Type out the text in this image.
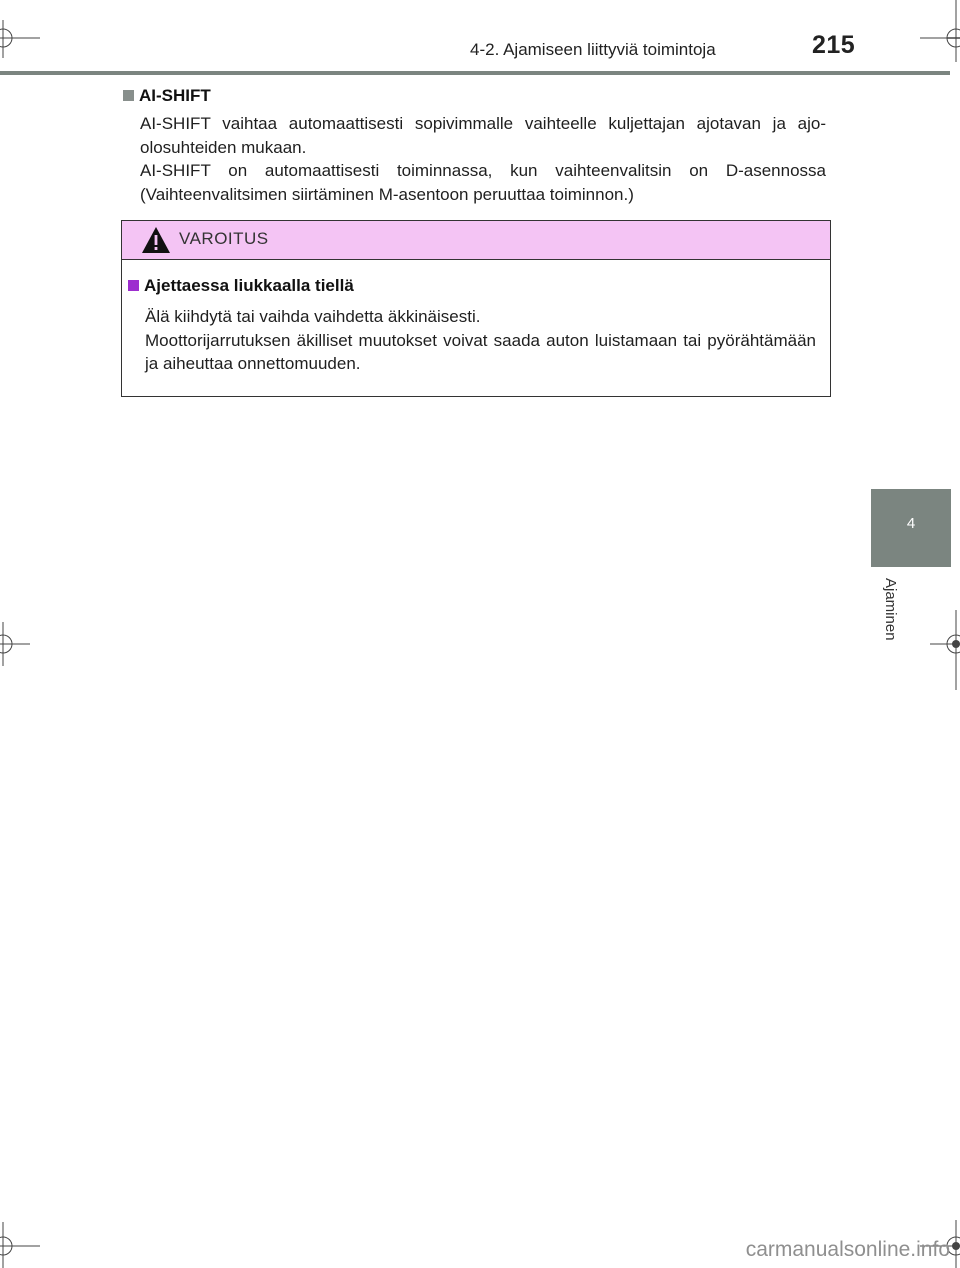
4-2. Ajamiseen liittyviä toimintoja	215
4
Ajaminen
AI-SHIFT

AI-SHIFT vaihtaa automaattisesti sopivimmalle vaihteelle kuljettajan ajotavan ja ajo-olosuhteiden mukaan.

AI-SHIFT on automaattisesti toiminnassa, kun vaihteenvalitsin on D-asennossa (Vaihteenvalitsimen siirtäminen M-asentoon peruuttaa toiminnon.)

VAROITUS
Ajettaessa liukkaalla tiellä

Älä kiihdytä tai vaihda vaihdetta äkkinäisesti.

Moottorijarrutuksen äkilliset muutokset voivat saada auton luistamaan tai pyörähtämään ja aiheuttaa onnettomuuden.

carmanualsonline.info
